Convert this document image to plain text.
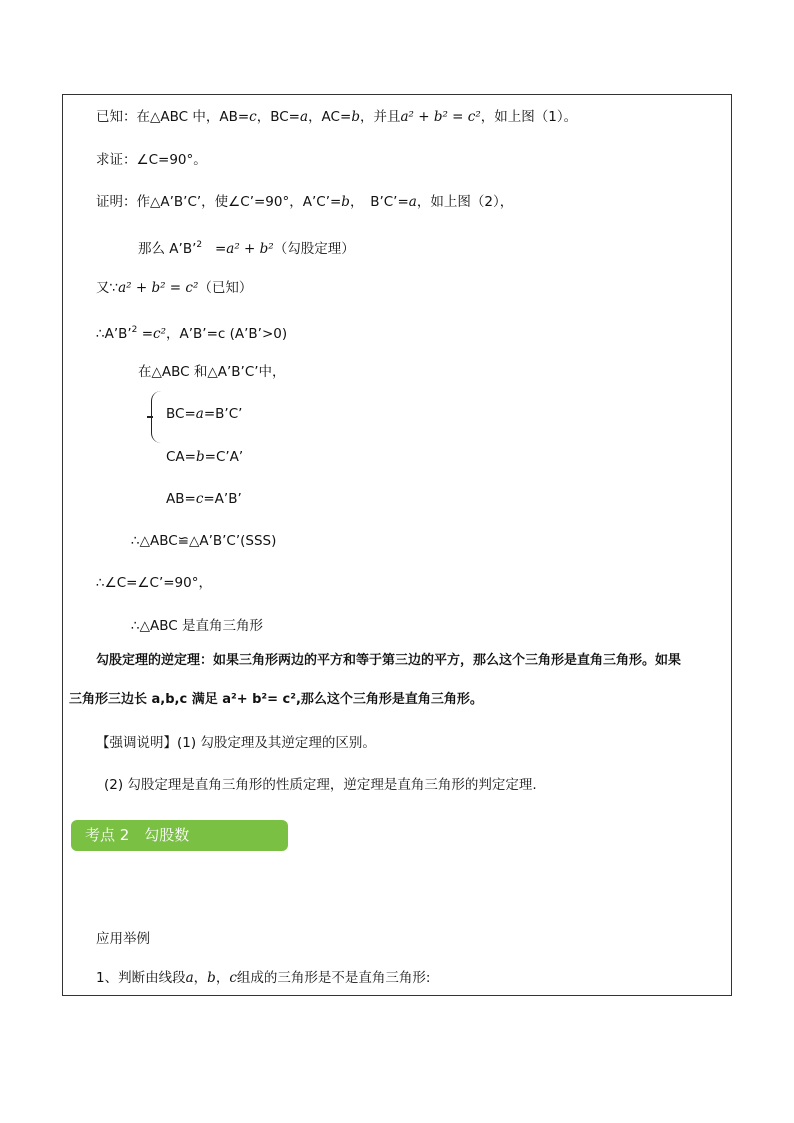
已知：在△ABC 中，AB=c，BC=a，AC=b，并且a² + b² = c²，如上图（1）。
求证：∠C=90°。
证明：作△A’B’C’，使∠C’=90°，A’C’=b，　B’C’=a，如上图（2），
那么 A’B’$^2$ =a² + b²（勾股定理）
又∵a² + b² = c²（已知）
∴A’B’$^2$ =c²，A’B’=c (A’B’>0)
在△ABC 和△A’B’C’中，
BC=a=B’C’
CA=b=C’A’
AB=c=A’B’
∴△ABC≌△A’B’C’(SSS)
∴∠C=∠C’=90°，
∴△ABC 是直角三角形
勾股定理的逆定理：如果三角形两边的平方和等于第三边的平方，那么这个三角形是直角三角形。如果
三角形三边长 a,b,c 满足 a²+ b²= c²,那么这个三角形是直角三角形。
【强调说明】(1) 勾股定理及其逆定理的区别。
(2) 勾股定理是直角三角形的性质定理，逆定理是直角三角形的判定定理.
考点 2　勾股数
应用举例
1、判断由线段a，b，c组成的三角形是不是直角三角形:
